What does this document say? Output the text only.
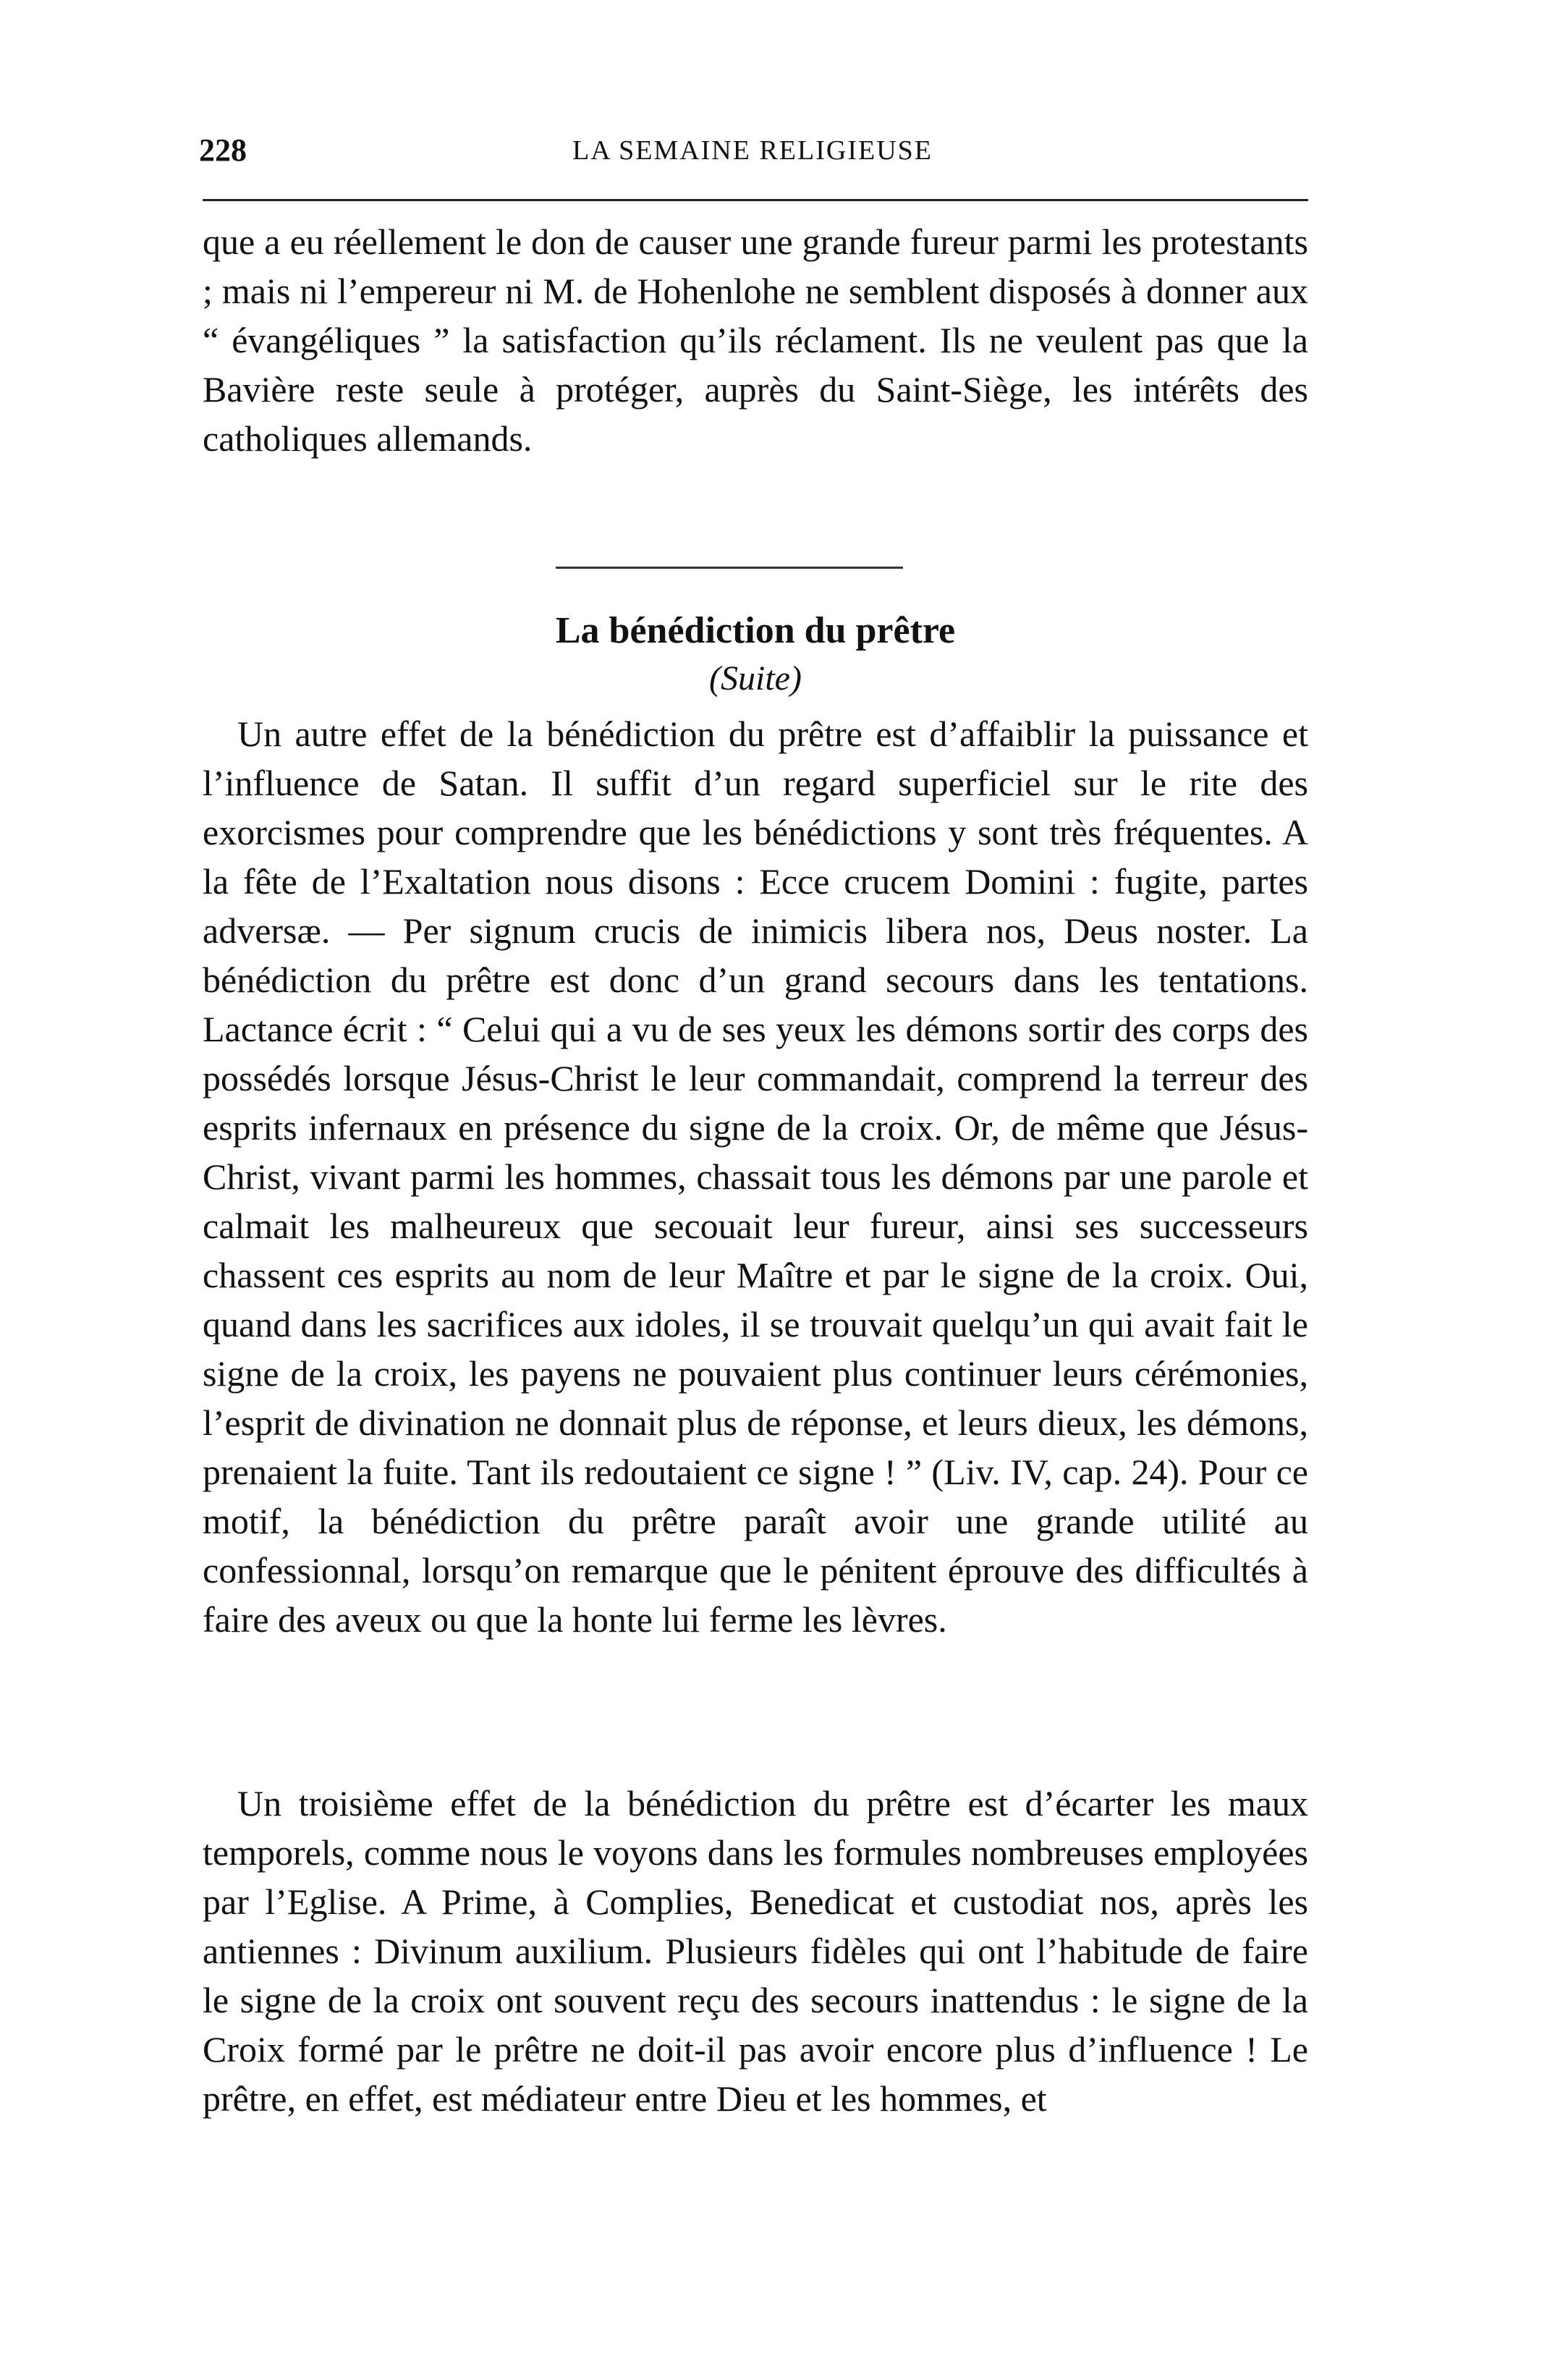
228	LA SEMAINE RELIGIEUSE

que a eu réellement le don de causer une grande fureur parmi les protestants ; mais ni l’empereur ni M. de Hohenlohe ne semblent disposés à donner aux “ évangéliques ” la satisfaction qu’ils réclament. Ils ne veulent pas que la Bavière reste seule à protéger, auprès du Saint-Siège, les intérêts des catholiques allemands.

La bénédiction du prêtre
(Suite)

Un autre effet de la bénédiction du prêtre est d’affaiblir la puissance et l’influence de Satan. Il suffit d’un regard superficiel sur le rite des exorcismes pour comprendre que les bénédictions y sont très fréquentes. A la fête de l’Exaltation nous disons : Ecce crucem Domini : fugite, partes adversæ. — Per signum crucis de inimicis libera nos, Deus noster. La bénédiction du prêtre est donc d’un grand secours dans les tentations. Lactance écrit : “ Celui qui a vu de ses yeux les démons sortir des corps des possédés lorsque Jésus-Christ le leur commandait, comprend la terreur des esprits infernaux en présence du signe de la croix. Or, de même que Jésus-Christ, vivant parmi les hommes, chassait tous les démons par une parole et calmait les malheureux que secouait leur fureur, ainsi ses successeurs chassent ces esprits au nom de leur Maître et par le signe de la croix. Oui, quand dans les sacrifices aux idoles, il se trouvait quelqu’un qui avait fait le signe de la croix, les payens ne pouvaient plus continuer leurs cérémonies, l’esprit de divination ne donnait plus de réponse, et leurs dieux, les démons, prenaient la fuite. Tant ils redoutaient ce signe ! ” (Liv. IV, cap. 24). Pour ce motif, la bénédiction du prêtre paraît avoir une grande utilité au confessionnal, lorsqu’on remarque que le pénitent éprouve des difficultés à faire des aveux ou que la honte lui ferme les lèvres.

Un troisième effet de la bénédiction du prêtre est d’écarter les maux temporels, comme nous le voyons dans les formules nombreuses employées par l’Eglise. A Prime, à Complies, Benedicat et custodiat nos, après les antiennes : Divinum auxilium. Plusieurs fidèles qui ont l’habitude de faire le signe de la croix ont souvent reçu des secours inattendus : le signe de la Croix formé par le prêtre ne doit-il pas avoir encore plus d’influence ! Le prêtre, en effet, est médiateur entre Dieu et les hommes, et
